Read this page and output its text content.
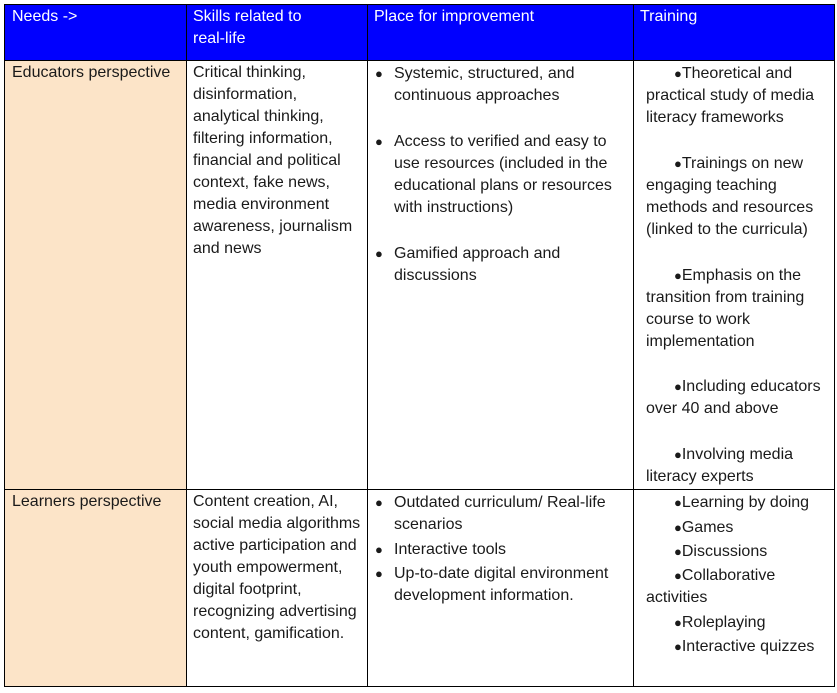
Needs ->	Skills related to
real-life
Place for improvement	Training
Educators perspective Critical thinking,
disinformation,
analytical thinking,
filtering information,
financial and political
context, fake news,
media environment
awareness, journalism
and news
● Systemic, structured, and
continuous approaches
● Access to verified and easy to
use resources (included in the
educational plans or resources
with instructions)
● Gamified approach and
discussions
●Theoretical and
practical study of media
literacy frameworks
●Trainings on new
engaging teaching
methods and resources
(linked to the curricula)
●Emphasis on the
transition from training
course to work
implementation
●Including educators
over 40 and above
●Involving media
literacy experts
Learners perspective Content creation, AI,
social media algorithms
active participation and
youth empowerment,
digital footprint,
recognizing advertising
content, gamification.
● Outdated curriculum/ Real-life
scenarios
● Interactive tools
● Up-to-date digital environment
development information.
●Learning by doing
●Games
●Discussions
●Collaborative
activities
●Roleplaying
●Interactive quizzes
